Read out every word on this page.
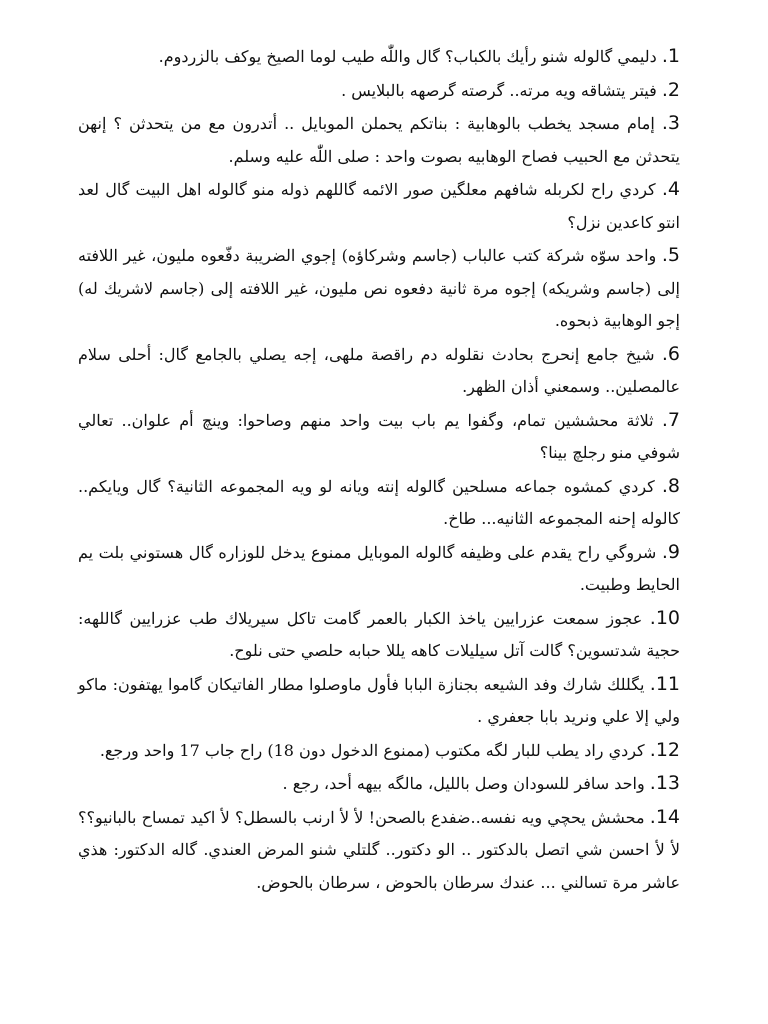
1. دليمي گالوله شنو رأيك بالكباب؟ گال واللّٰه طيب لوما الصيخ يوكف بالزردوم.

2. فيتر يتشاقه ويه مرته.. گرصته گرصهه بالبلايس .

3. إمام مسجد يخطب بالوهابية : بناتكم يحملن الموبايل .. أتدرون مع من يتحدثن ؟ إنهن يتحدثن مع الحبيب فصاح الوهابيه بصوت واحد : صلى اللّٰه عليه وسلم.

4. كردي راح لكربله شافهم معلگين صور الائمه گاللهم ذوله منو گالوله اهل البيت گال لعد انتو كاعدين نزل؟

5. واحد سوّه شركة كتب عالباب (جاسم وشركاؤه) إجوي الضريبة دفّعوه مليون، غير اللافته إلى (جاسم وشريكه) إجوه مرة ثانية دفعوه نص مليون، غير اللافته إلى (جاسم لاشريك له) إجو الوهابية ذبحوه.

6. شيخ جامع إنحرج بحادث نقلوله دم راقصة ملهى، إجه يصلي بالجامع گال: أحلى سلام عالمصلين.. وسمعني أذان الظهر.

7. ثلاثة محششين تمام، وگفوا يم باب بيت واحد منهم وصاحوا: وينچ أم علوان.. تعالي شوفي منو رجلچ بينا؟

8. كردي كمشوه جماعه مسلحين گالوله إنته ويانه لو ويه المجموعه الثانية؟ گال ويايكم.. كالوله إحنه المجموعه الثانيه... طاخ.

9. شروگي راح يقدم على وظيفه گالوله الموبايل ممنوع يدخل للوزاره گال هستوني بلت يم الحايط وطبيت.

10. عجوز سمعت عزرايين ياخذ الكبار بالعمر گامت تاكل سيريلاك طب عزرايين گاللهه: حجية شدتسوين؟ گالت آتل سيليلات كاهه يللا حبابه حلصي حتى نلوح.

11. يگللك شارك وفد الشيعه بجنازة البابا فأول ماوصلوا مطار الفاتيكان گاموا يهتفون: ماكو ولي إلا علي ونريد بابا جعفري .

12. كردي راد يطب للبار لگه مكتوب (ممنوع الدخول دون 18) راح جاب 17 واحد ورجع.

13. واحد سافر للسودان وصل بالليل، مالگه بيهه أحد، رجع .

14. محشش يحچي ويه نفسه..ضفدع بالصحن! لأ لأ ارنب بالسطل؟ لأ اكيد تمساح بالبانيو؟؟ لأ لأ احسن شي اتصل بالدكتور .. الو دكتور.. گلتلي شنو المرض العندي. گاله الدكتور: هذي عاشر مرة تسالني ... عندك سرطان بالحوض ، سرطان بالحوض.
